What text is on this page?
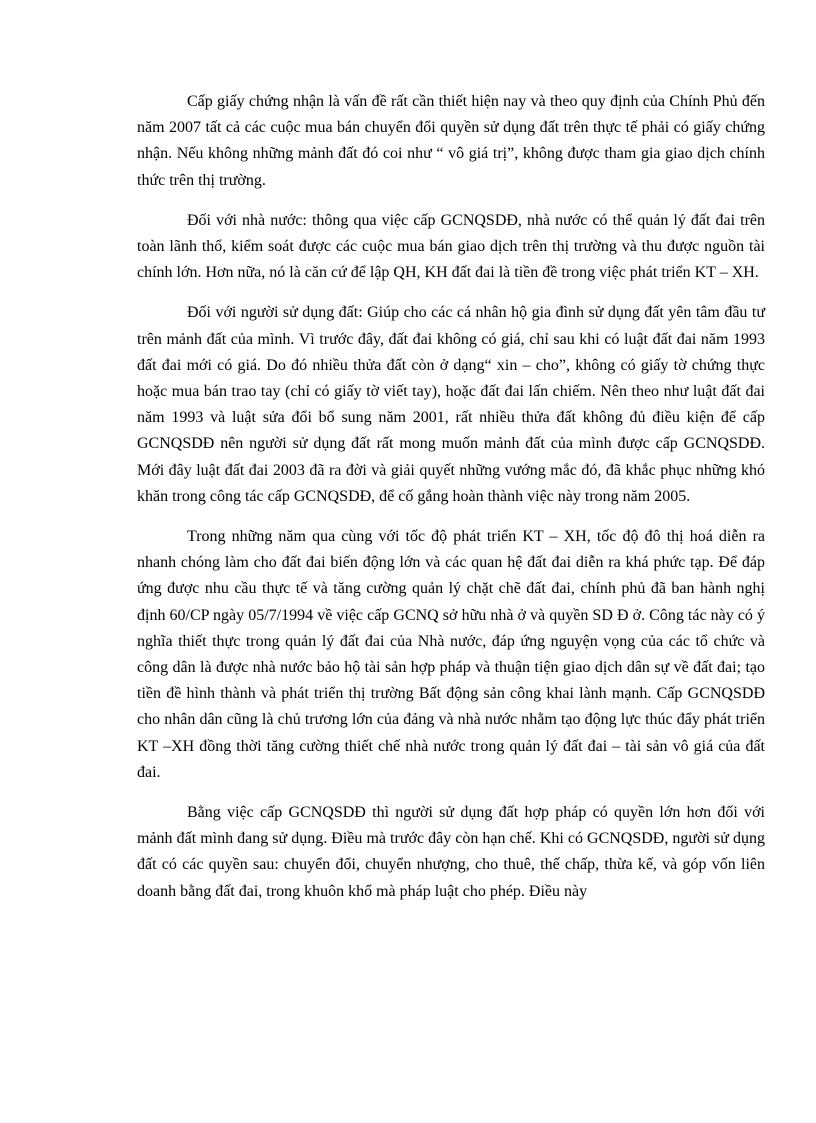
Cấp giấy chứng nhận là vấn đề rất cần thiết hiện nay và theo quy định của Chính Phủ đến năm 2007 tất cả các cuộc mua bán chuyển đổi quyền sử dụng đất trên thực tế phải có giấy chứng nhận. Nếu không những mảnh đất đó coi như “ vô giá trị”, không được tham gia giao dịch chính thức trên thị trường.

Đối với nhà nước: thông qua việc cấp GCNQSDĐ, nhà nước có thể quản lý đất đai trên toàn lãnh thổ, kiểm soát được các cuộc mua bán giao dịch trên thị trường và thu được nguồn tài chính lớn. Hơn nữa, nó là căn cứ để lập QH, KH đất đai là tiền đề trong việc phát triển KT – XH.

Đối với người sử dụng đất: Giúp cho các cá nhân hộ gia đình sử dụng đất yên tâm đầu tư trên mảnh đất của mình. Vì trước đây, đất đai không có giá, chỉ sau khi có luật đất đai năm 1993 đất đai mới có giá. Do đó nhiều thửa đất còn ở dạng“ xin – cho”, không có giấy tờ chứng thực hoặc mua bán trao tay (chỉ có giấy tờ viết tay), hoặc đất đai lấn chiếm. Nên theo như luật đất đai năm 1993 và luật sửa đổi bổ sung năm 2001, rất nhiều thửa đất không đủ điều kiện để cấp GCNQSDĐ nên người sử dụng đất rất mong muốn mảnh đất của mình được cấp GCNQSDĐ. Mới đây luật đất đai 2003 đã ra đời và giải quyết những vướng mắc đó, đã khắc phục những khó khăn trong công tác cấp GCNQSDĐ, để cố gắng hoàn thành việc này trong năm 2005.

Trong những năm qua cùng với tốc độ phát triển KT – XH, tốc độ đô thị hoá diễn ra nhanh chóng làm cho đất đai biến động lớn và các quan hệ đất đai diễn ra khá phức tạp. Để đáp ứng được nhu cầu thực tế và tăng cường quản lý chặt chẽ đất đai, chính phủ đã ban hành nghị định 60/CP ngày 05/7/1994 về việc cấp GCNQ sở hữu nhà ở và quyền SD Đ ở. Công tác này có ý nghĩa thiết thực trong quản lý đất đai của Nhà nước, đáp ứng nguyện vọng của các tổ chức và công dân là được nhà nước bảo hộ tài sản hợp pháp và thuận tiện giao dịch dân sự về đất đai; tạo tiền đề hình thành và phát triển thị trường Bất động sản công khai lành mạnh. Cấp GCNQSDĐ cho nhân dân cũng là chủ trương lớn của đảng và nhà nước nhằm tạo động lực thúc đẩy phát triển KT –XH đồng thời tăng cường thiết chế nhà nước trong quản lý đất đai – tài sản vô giá của đất đai.

Bằng việc cấp GCNQSDĐ thì người sử dụng đất hợp pháp có quyền lớn hơn đối với mảnh đất mình đang sử dụng. Điều mà trước đây còn hạn chế. Khi có GCNQSDĐ, người sử dụng đất có các quyền sau: chuyển đổi, chuyển nhượng, cho thuê, thế chấp, thừa kế, và góp vốn liên doanh bằng đất đai, trong khuôn khổ mà pháp luật cho phép. Điều này
